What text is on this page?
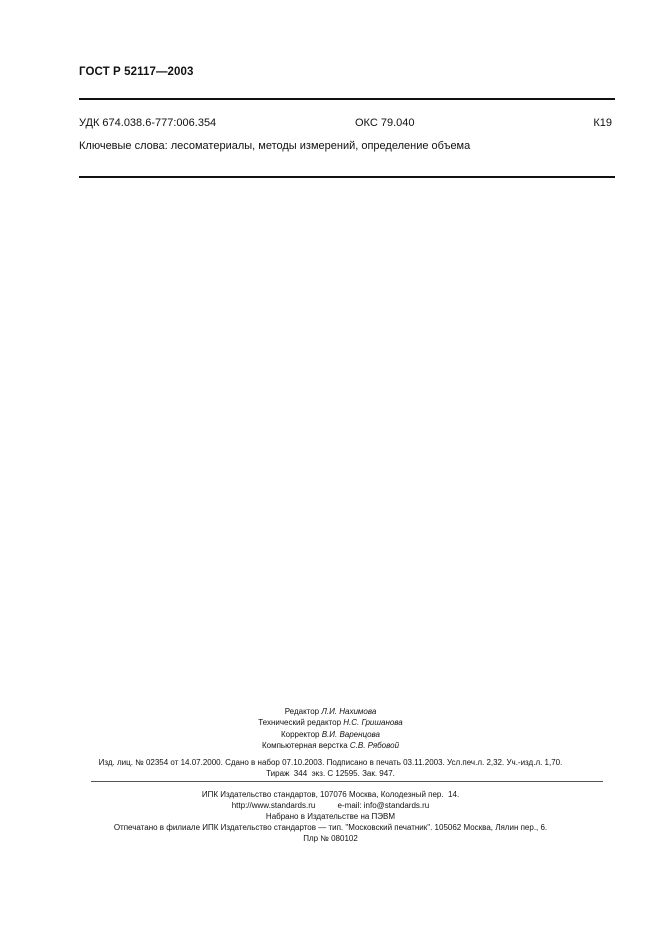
ГОСТ Р 52117—2003
УДК 674.038.6-777:006.354	ОКС 79.040	К19
Ключевые слова: лесоматериалы, методы измерений, определение объема
Редактор Л.И. Нахимова
Технический редактор Н.С. Гришанова
Корректор В.И. Варенцова
Компьютерная верстка С.В. Рябовой
Изд. лиц. № 02354 от 14.07.2000. Сдано в набор 07.10.2003. Подписано в печать 03.11.2003. Усл.печ.л. 2,32. Уч.-изд.л. 1,70.
Тираж  344  экз. С 12595. Зак. 947.
ИПК Издательство стандартов, 107076 Москва, Колодезный пер.  14.
http://www.standards.ru          e-mail: info@standards.ru
Набрано в Издательстве на ПЭВМ
Отпечатано в филиале ИПК Издательство стандартов — тип. "Московский печатник". 105062 Москва, Лялин пер., 6.
Плр № 080102
